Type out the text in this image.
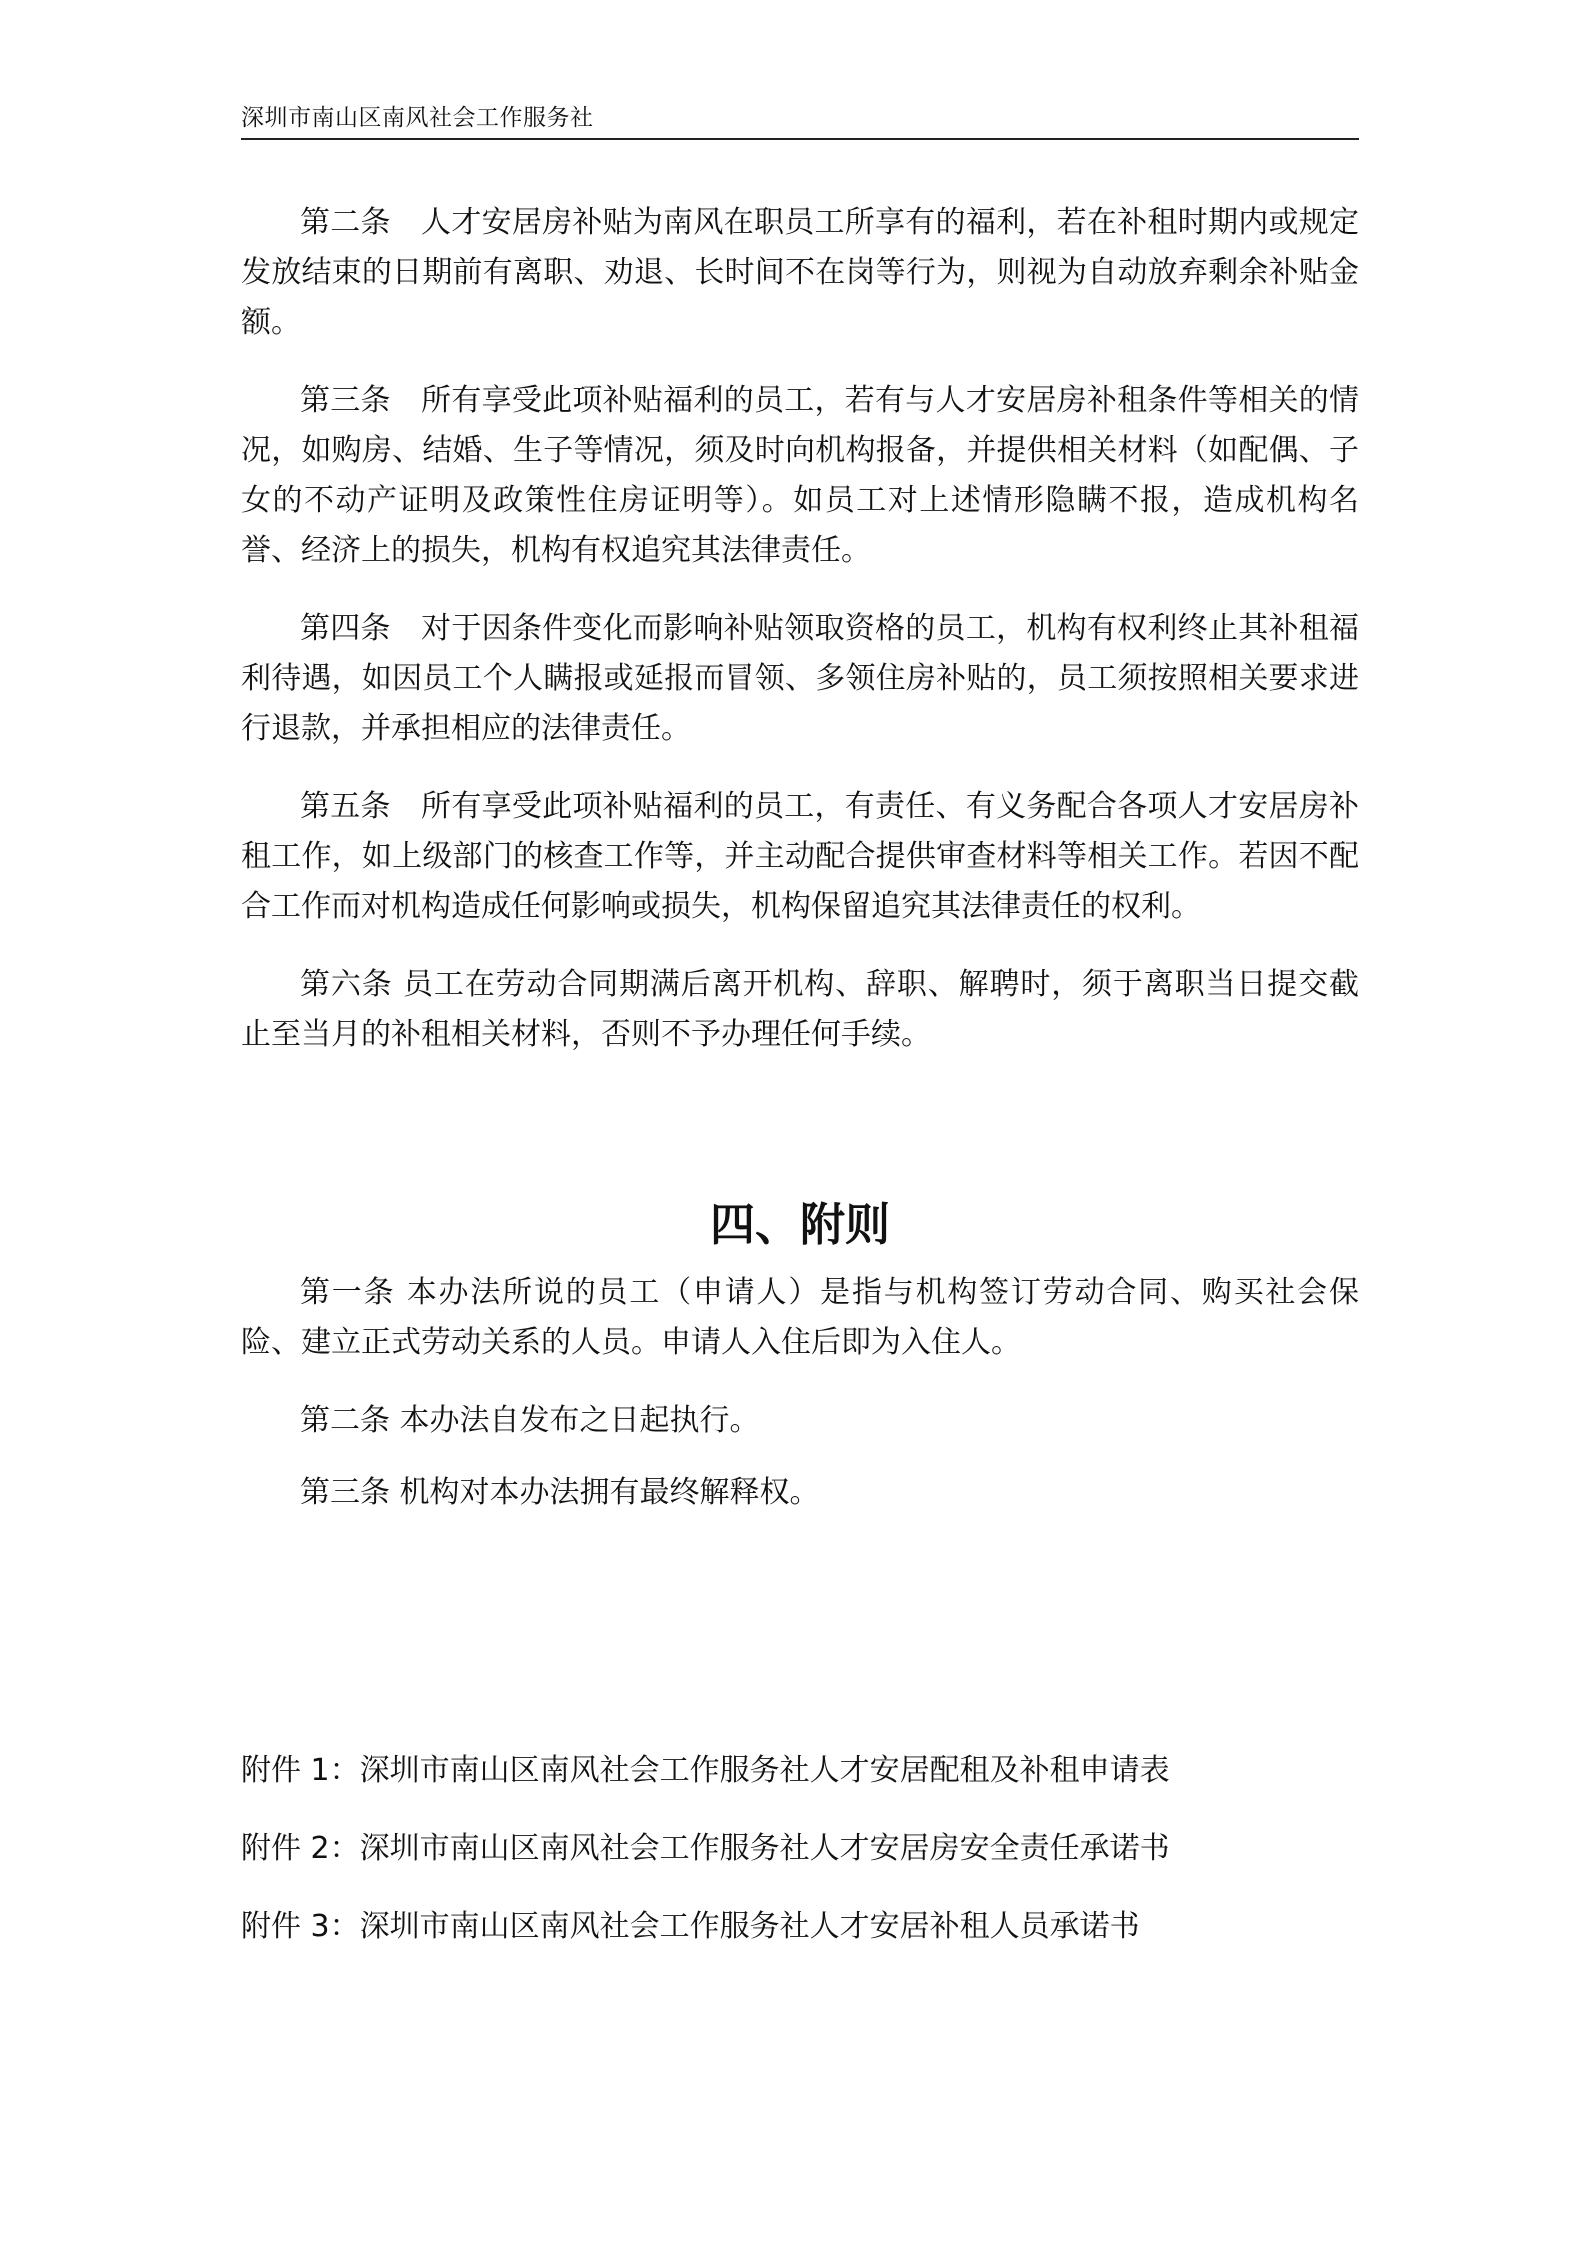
深圳市南山区南风社会工作服务社

第二条　人才安居房补贴为南风在职员工所享有的福利，若在补租时期内或规定发放结束的日期前有离职、劝退、长时间不在岗等行为，则视为自动放弃剩余补贴金额。

第三条　所有享受此项补贴福利的员工，若有与人才安居房补租条件等相关的情况，如购房、结婚、生子等情况，须及时向机构报备，并提供相关材料（如配偶、子女的不动产证明及政策性住房证明等）。如员工对上述情形隐瞒不报，造成机构名誉、经济上的损失，机构有权追究其法律责任。

第四条　对于因条件变化而影响补贴领取资格的员工，机构有权利终止其补租福利待遇，如因员工个人瞒报或延报而冒领、多领住房补贴的，员工须按照相关要求进行退款，并承担相应的法律责任。

第五条　所有享受此项补贴福利的员工，有责任、有义务配合各项人才安居房补租工作，如上级部门的核查工作等，并主动配合提供审查材料等相关工作。若因不配合工作而对机构造成任何影响或损失，机构保留追究其法律责任的权利。

第六条 员工在劳动合同期满后离开机构、辞职、解聘时，须于离职当日提交截止至当月的补租相关材料，否则不予办理任何手续。

四、附则

第一条 本办法所说的员工（申请人）是指与机构签订劳动合同、购买社会保险、建立正式劳动关系的人员。申请人入住后即为入住人。

第二条 本办法自发布之日起执行。

第三条 机构对本办法拥有最终解释权。

附件 1：深圳市南山区南风社会工作服务社人才安居配租及补租申请表

附件 2：深圳市南山区南风社会工作服务社人才安居房安全责任承诺书

附件 3：深圳市南山区南风社会工作服务社人才安居补租人员承诺书
